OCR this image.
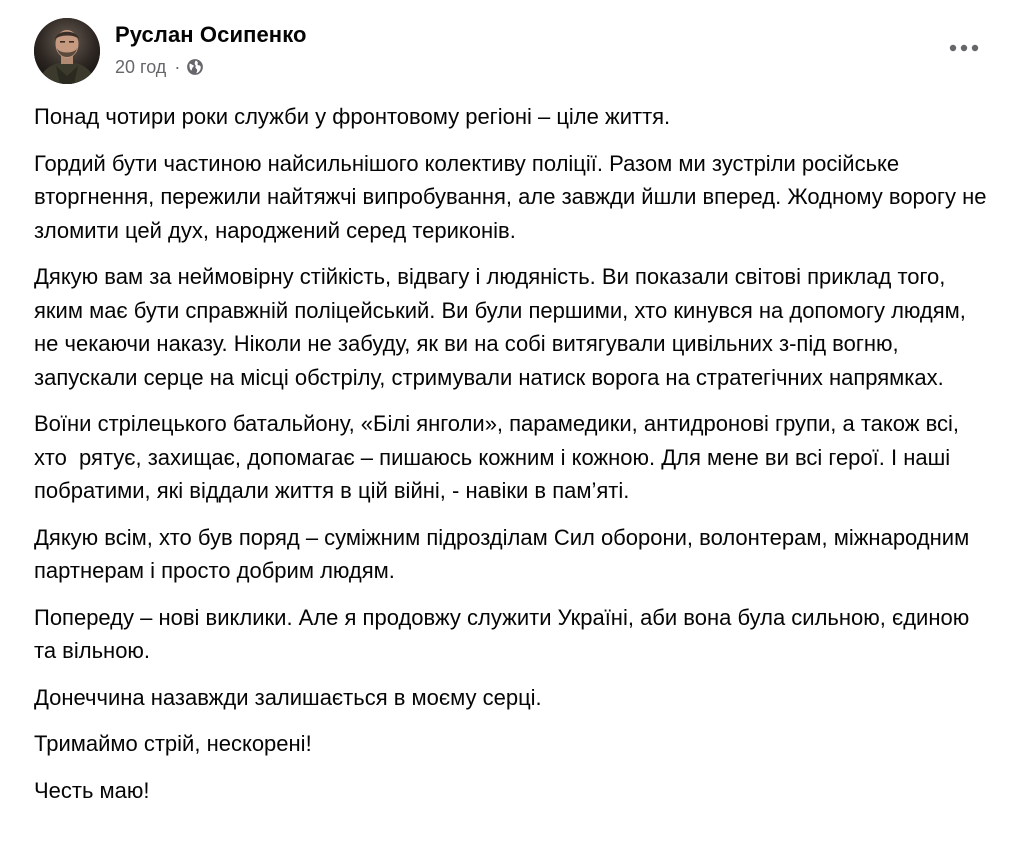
Руслан Осипенко
20 год ·

Понад чотири роки служби у фронтовому регіоні – ціле життя.

Гордий бути частиною найсильнішого колективу поліції. Разом ми зустріли російське вторгнення, пережили найтяжчі випробування, але завжди йшли вперед. Жодному ворогу не зломити цей дух, народжений серед териконів.

Дякую вам за неймовірну стійкість, відвагу і людяність. Ви показали світові приклад того, яким має бути справжній поліцейський. Ви були першими, хто кинувся на допомогу людям, не чекаючи наказу. Ніколи не забуду, як ви на собі витягували цивільних з-під вогню, запускали серце на місці обстрілу, стримували натиск ворога на стратегічних напрямках.

Воїни стрілецького батальйону, «Білі янголи», парамедики, антидронові групи, а також всі, хто  рятує, захищає, допомагає – пишаюсь кожним і кожною. Для мене ви всі герої. І наші побратими, які віддали життя в цій війні, - навіки в пам’яті.

Дякую всім, хто був поряд – суміжним підрозділам Сил оборони, волонтерам, міжнародним партнерам і просто добрим людям.

Попереду – нові виклики. Але я продовжу служити Україні, аби вона була сильною, єдиною та вільною.

Донеччина назавжди залишається в моєму серці.

Тримаймо стрій, нескорені!

Честь маю!
